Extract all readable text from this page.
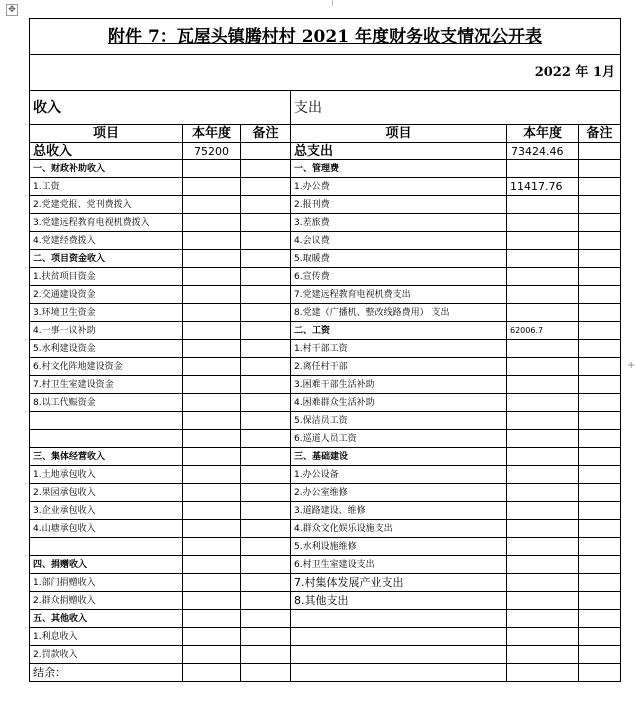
✥
+
附件 7：瓦屋头镇腾村村 2021 年度财务收支情况公开表					
2022 年 1月					
收入			支出		
项目	本年度	备注	项目	本年度	备注
总收入	75200		总支出	73424.46	
一、财政补助收入			一、管理费		
1.工资			1.办公费	11417.76	
2.党建党报、党刊费拨入			2.报刊费		
3.党建远程教育电视机费拨入			3.差旅费		
4.党建经费拨入			4.会议费		
二、项目资金收入			5.取暖费		
1.扶贫项目资金			6.宣传费		
2.交通建设资金			7.党建远程教育电视机费支出		
3.环境卫生资金			8.党建（广播机、整改线路费用） 支出		
4.一事一议补助			二、工资	62006.7	
5.水利建设资金			1.村干部工资		
6.村文化阵地建设资金			2.离任村干部		
7.村卫生室建设资金			3.困难干部生活补助		
8.以工代赈资金			4.困难群众生活补助		
			5.保洁员工资		
			6.巡道人员工资		
三、集体经营收入			三、基础建设		
1.土地承包收入			1.办公设备		
2.果园承包收入			2.办公室维修		
3.企业承包收入			3.道路建设、维修		
4.山塘承包收入			4.群众文化娱乐设施支出		
			5.水利设施维修		
四、捐赠收入			6.村卫生室建设支出		
1.部门捐赠收入			7.村集体发展产业支出		
2.群众捐赠收入			8.其他支出		
五、其他收入					
1.利息收入					
2.罚款收入					
结余：					
